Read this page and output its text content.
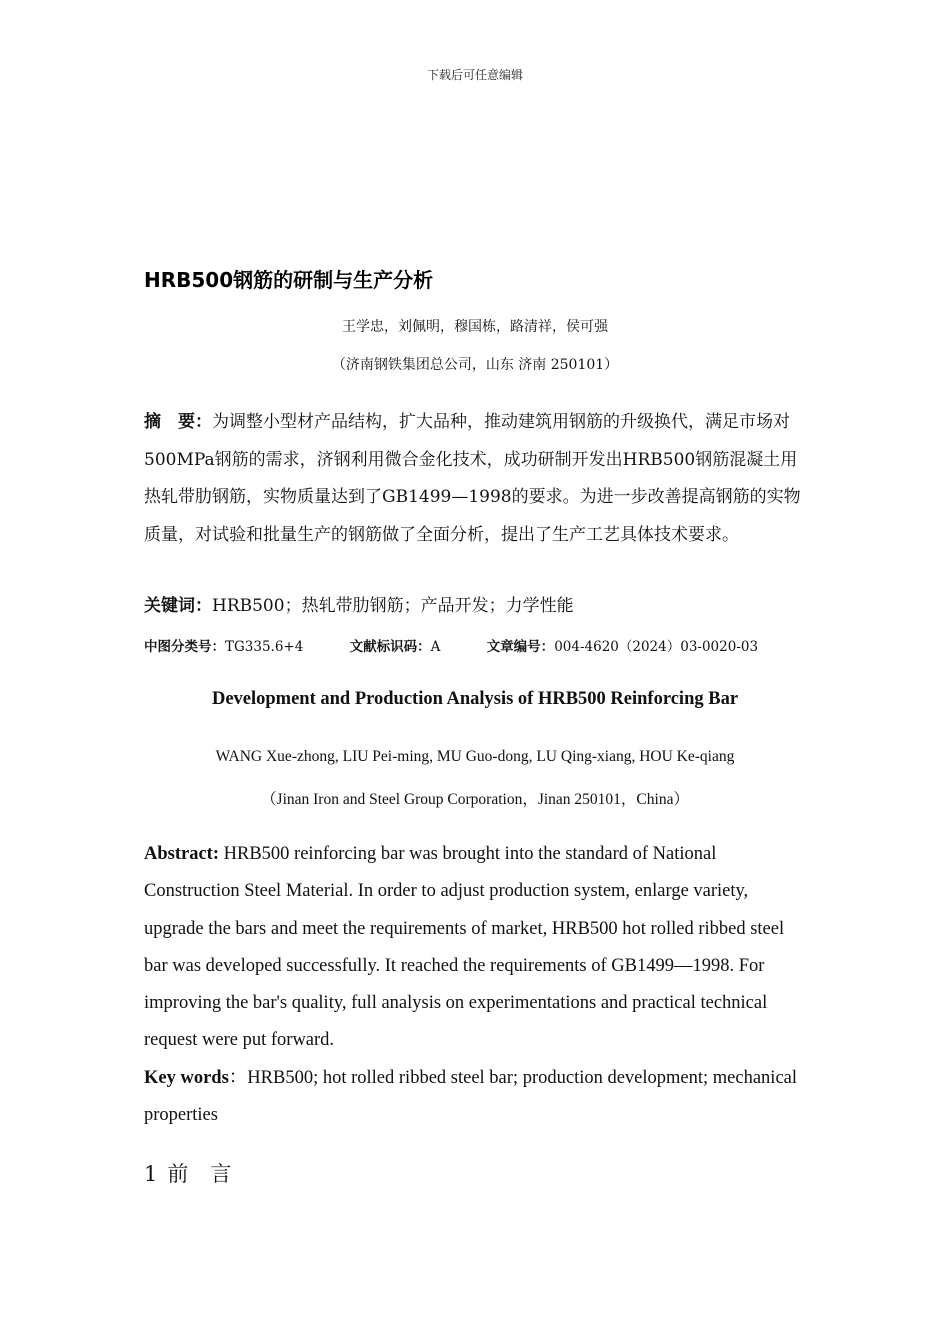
下载后可任意编辑
HRB500钢筋的研制与生产分析
王学忠，刘佩明，穆国栋，路清祥，侯可强
（济南钢铁集团总公司，山东 济南 250101）
摘　要：为调整小型材产品结构，扩大品种，推动建筑用钢筋的升级换代，满足市场对500MPa钢筋的需求，济钢利用微合金化技术，成功研制开发出HRB500钢筋混凝土用热轧带肋钢筋，实物质量达到了GB1499—1998的要求。为进一步改善提高钢筋的实物质量，对试验和批量生产的钢筋做了全面分析，提出了生产工艺具体技术要求。
关键词：HRB500；热轧带肋钢筋；产品开发；力学性能
中图分类号：TG335.6+4	文献标识码：A	文章编号：004-4620（2024）03-0020-03
Development and Production Analysis of HRB500 Reinforcing Bar
WANG Xue-zhong, LIU Pei-ming, MU Guo-dong, LU Qing-xiang, HOU Ke-qiang
（Jinan Iron and Steel Group Corporation，Jinan 250101，China）
Abstract: HRB500 reinforcing bar was brought into the standard of National Construction Steel Material. In order to adjust production system, enlarge variety, upgrade the bars and meet the requirements of market, HRB500 hot rolled ribbed steel bar was developed successfully. It reached the requirements of GB1499—1998. For improving the bar's quality, full analysis on experimentations and practical technical request were put forward.
Key words：HRB500; hot rolled ribbed steel bar; production development; mechanical properties
1 前言
